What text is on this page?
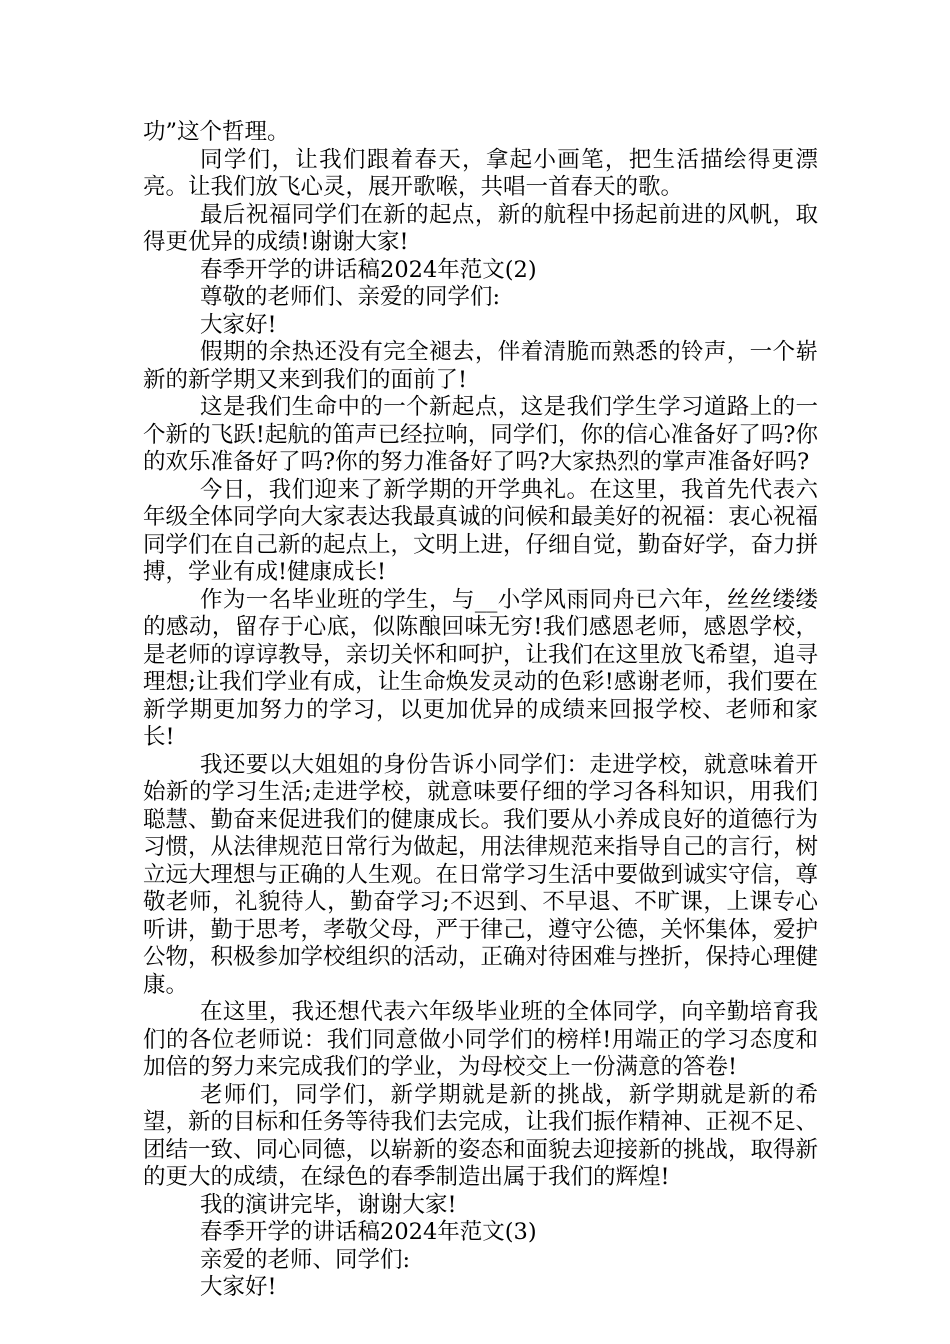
功”这个哲理。

同学们，让我们跟着春天，拿起小画笔，把生活描绘得更漂亮。让我们放飞心灵，展开歌喉，共唱一首春天的歌。

最后祝福同学们在新的起点，新的航程中扬起前进的风帆，取得更优异的成绩!谢谢大家!

春季开学的讲话稿2024年范文(2)

尊敬的老师们、亲爱的同学们:

大家好!

假期的余热还没有完全褪去，伴着清脆而熟悉的铃声，一个崭新的新学期又来到我们的面前了!

这是我们生命中的一个新起点，这是我们学生学习道路上的一个新的飞跃!起航的笛声已经拉响，同学们，你的信心准备好了吗?你的欢乐准备好了吗?你的努力准备好了吗?大家热烈的掌声准备好吗?

今日，我们迎来了新学期的开学典礼。在这里，我首先代表六年级全体同学向大家表达我最真诚的问候和最美好的祝福：衷心祝福同学们在自己新的起点上，文明上进，仔细自觉，勤奋好学，奋力拼搏，学业有成!健康成长!

作为一名毕业班的学生，与__小学风雨同舟已六年，丝丝缕缕的感动，留存于心底，似陈酿回味无穷!我们感恩老师，感恩学校，是老师的谆谆教导，亲切关怀和呵护，让我们在这里放飞希望，追寻理想;让我们学业有成，让生命焕发灵动的色彩!感谢老师，我们要在新学期更加努力的学习，以更加优异的成绩来回报学校、老师和家长!

我还要以大姐姐的身份告诉小同学们：走进学校，就意味着开始新的学习生活;走进学校，就意味要仔细的学习各科知识，用我们聪慧、勤奋来促进我们的健康成长。我们要从小养成良好的道德行为习惯，从法律规范日常行为做起，用法律规范来指导自己的言行，树立远大理想与正确的人生观。在日常学习生活中要做到诚实守信，尊敬老师，礼貌待人，勤奋学习;不迟到、不早退、不旷课，上课专心听讲，勤于思考，孝敬父母，严于律己，遵守公德，关怀集体，爱护公物，积极参加学校组织的活动，正确对待困难与挫折，保持心理健康。

在这里，我还想代表六年级毕业班的全体同学，向辛勤培育我们的各位老师说：我们同意做小同学们的榜样!用端正的学习态度和加倍的努力来完成我们的学业，为母校交上一份满意的答卷!

老师们，同学们，新学期就是新的挑战，新学期就是新的希望，新的目标和任务等待我们去完成，让我们振作精神、正视不足、团结一致、同心同德，以崭新的姿态和面貌去迎接新的挑战，取得新的更大的成绩，在绿色的春季制造出属于我们的辉煌!

我的演讲完毕，谢谢大家!

春季开学的讲话稿2024年范文(3)

亲爱的老师、同学们:

大家好!
